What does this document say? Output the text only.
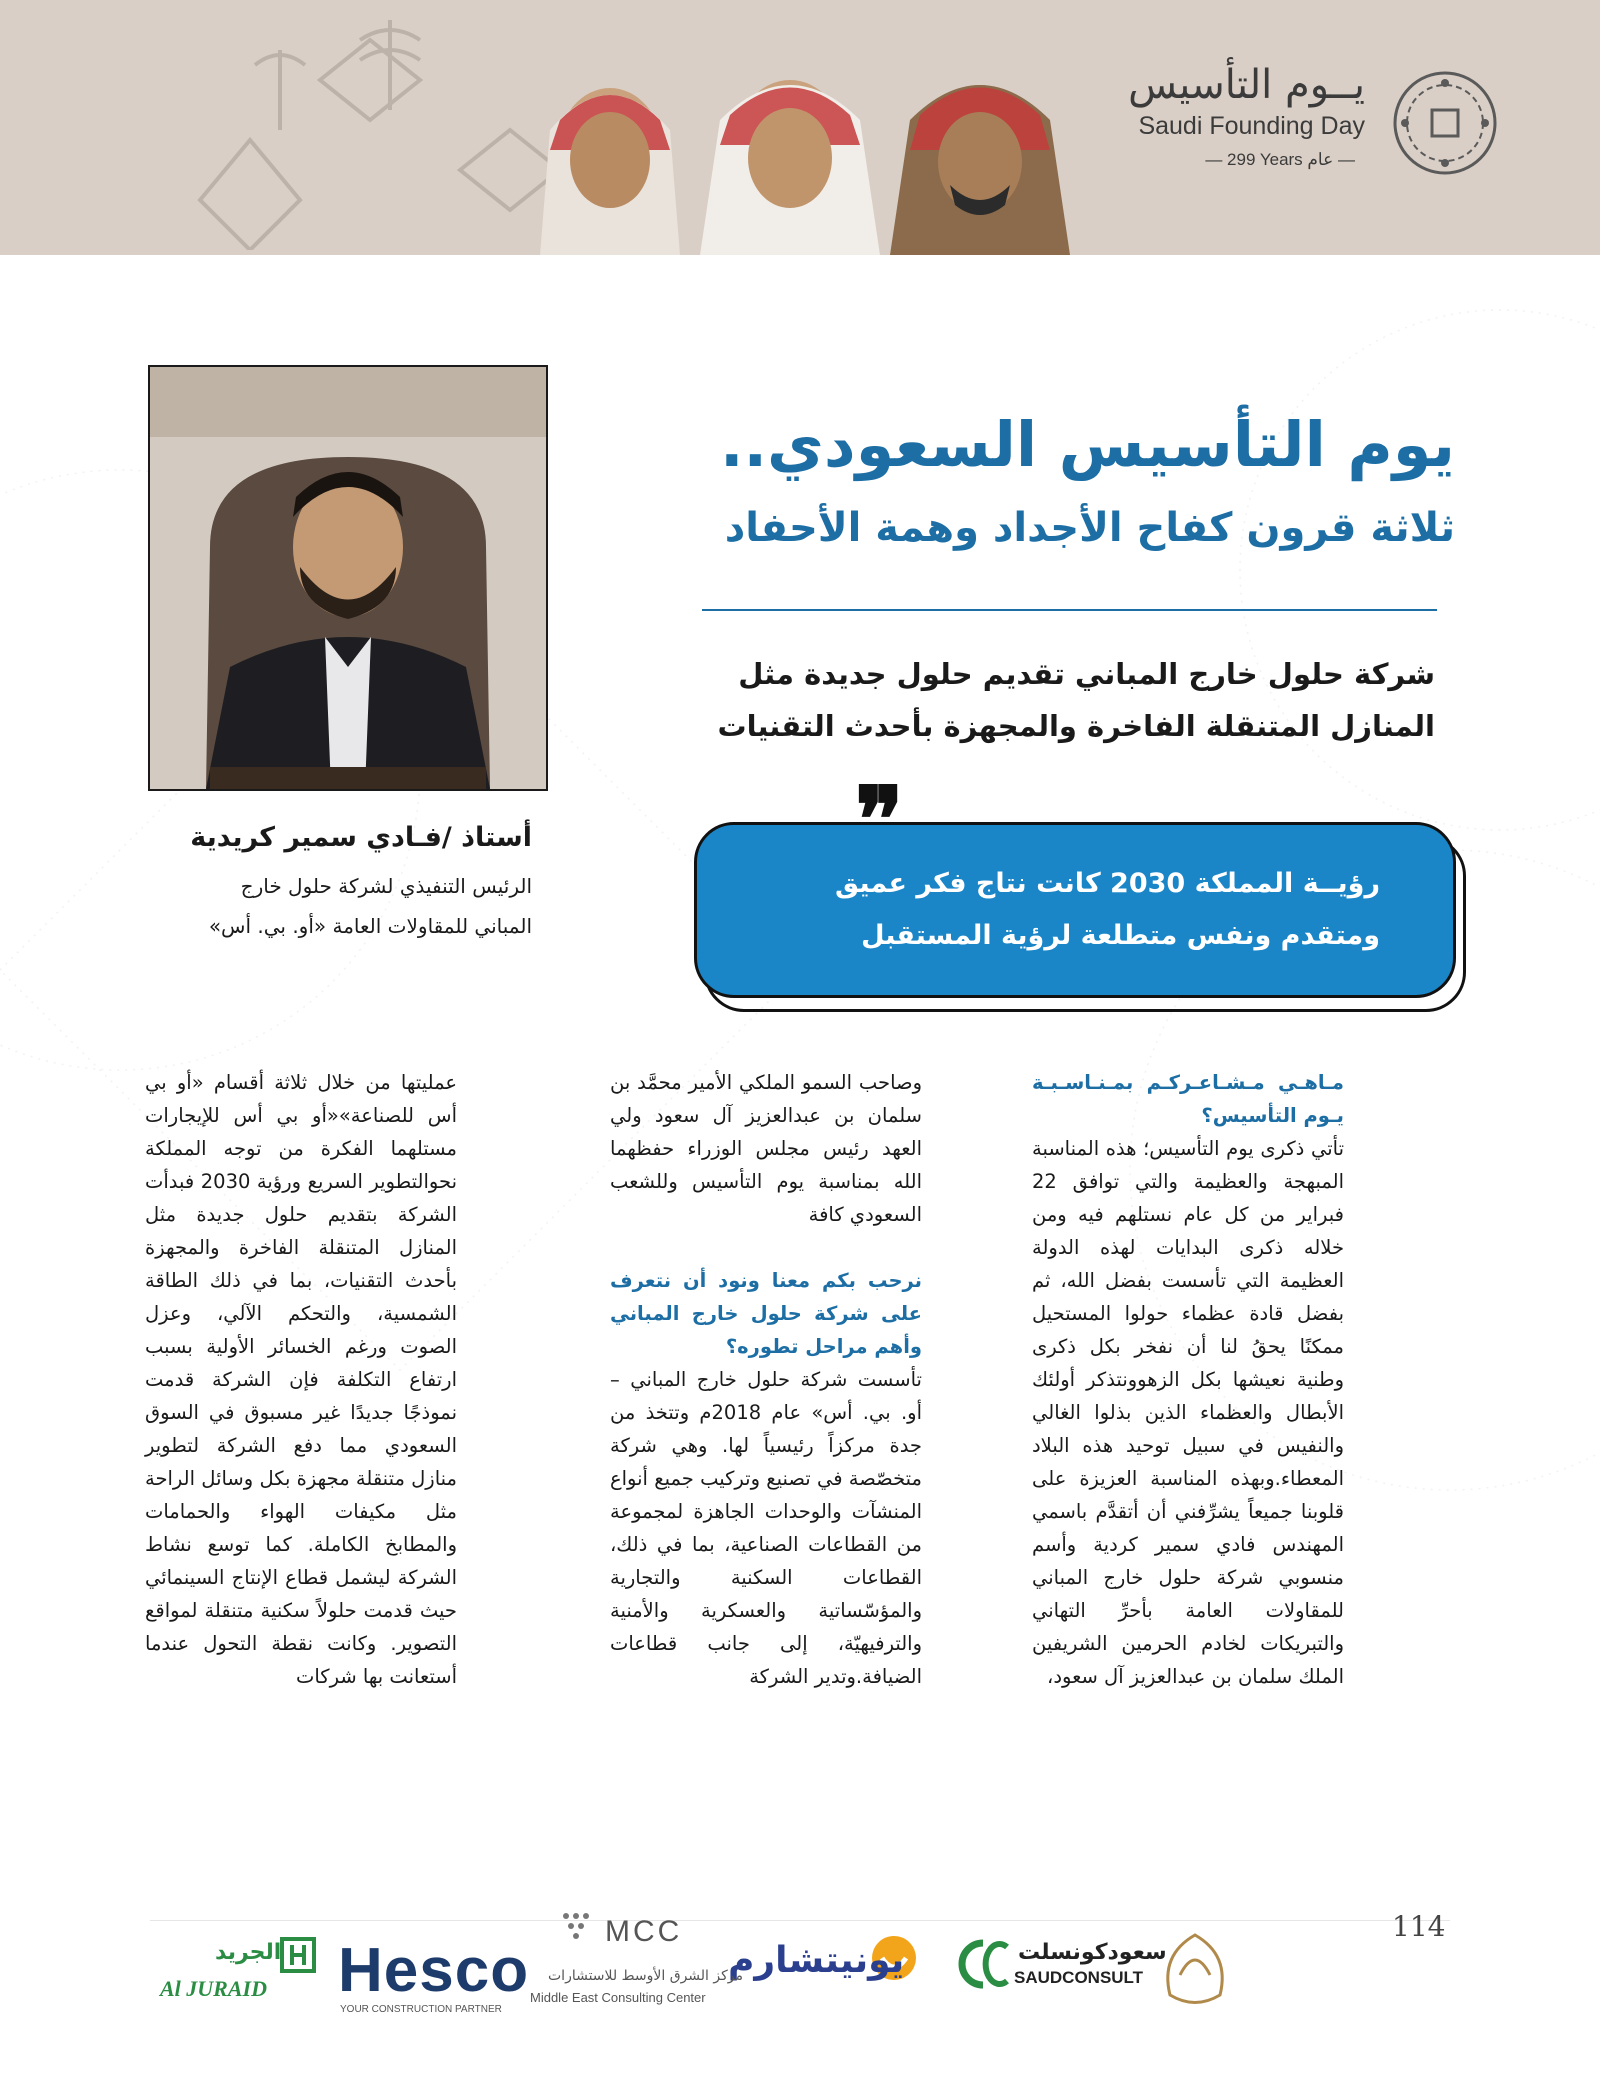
يــوم التأسيس
Saudi Founding Day
— 299 Years عام —
أستاذ /فـادي سمير كريدية
الرئيس التنفيذي لشركة حلول خارج
المباني للمقاولات العامة «أو. بي. أس»
يوم التأسيس السعودي..
ثلاثة قرون كفاح الأجداد وهمة الأحفاد
شركة حلول خارج المباني تقديم حلول جديدة مثل
المنازل المتنقلة الفاخرة والمجهزة بأحدث التقنيات
❞
رؤيــة المملكة 2030 كانت نتاج فكر عميق
ومتقدم ونفس متطلعة لرؤية المستقبل

مـاهـي مـشـاعـركـم بمـنـاسـبـة يـوم التأسيس؟

تأتي ذكرى يوم التأسيس؛ هذه المناسبة المبهجة والعظيمة والتي توافق 22 فبراير من كل عام نستلهم فيه ومن خلاله ذكرى البدايات لهذه الدولة العظيمة التي تأسست بفضل الله، ثم بفضل قادة عظماء حولوا المستحيل ممكنًا يحقُ لنا أن نفخر بكل ذكرى وطنية نعيشها بكل الزهوونتذكر أولئك الأبطال والعظماء الذين بذلوا الغالي والنفيس في سبيل توحيد هذه البلاد المعطاء.وبهذه المناسبة العزيزة على قلوبنا جميعاً يشرِّفني أن أتقدَّم باسمي المهندس فادي سمير كردية وأسم منسوبي شركة حلول خارج المباني للمقاولات العامة بأحرِّ التهاني والتبريكات لخادم الحرمين الشريفين الملك سلمان بن عبدالعزيز آل سعود،

وصاحب السمو الملكي الأمير محمَّد بن سلمان بن عبدالعزيز آل سعود ولي العهد رئيس مجلس الوزراء حفظهما الله بمناسبة يوم التأسيس وللشعب السعودي كافة

نرحب بكم معنا ونود أن نتعرف على شركة حلول خارج المباني وأهم مراحل تطوره؟

تأسست شركة حلول خارج المباني – أو. بي. أس» عام 2018م وتتخذ من جدة مركزاً رئيسياً لها. وهي شركة متخصّصة في تصنيع وتركيب جميع أنواع المنشآت والوحدات الجاهزة لمجموعة من القطاعات الصناعية، بما في ذلك، القطاعات السكنية والتجارية والمؤسّساتية والعسكرية والأمنية والترفيهيّة، إلى جانب قطاعات الضيافة.وتدير الشركة

عمليتها من خلال ثلاثة أقسام «أو بي أس للصناعة»«أو بي أس للإيجارات مستلهما الفكرة من توجه المملكة نحوالتطوير السريع ورؤية 2030 فبدأت الشركة بتقديم حلول جديدة مثل المنازل المتنقلة الفاخرة والمجهزة بأحدث التقنيات، بما في ذلك الطاقة الشمسية، والتحكم الآلي، وعزل الصوت ورغم الخسائر الأولية بسبب ارتفاع التكلفة فإن الشركة قدمت نموذجًا جديدًا غير مسبوق في السوق السعودي مما دفع الشركة لتطوير منازل متنقلة مجهزة بكل وسائل الراحة مثل مكيفات الهواء والحمامات والمطابخ الكاملة. كما توسع نشاط الشركة ليشمل قطاع الإنتاج السينمائي حيث قدمت حلولاً سكنية متنقلة لمواقع التصوير. وكانت نقطة التحول عندما أستعانت بها شركات

114
سعودكونسلت
SAUDCONSULT
يونيتشارم
MCC
مركز الشرق الأوسط للاستشارات
Middle East Consulting Center
Hesco
YOUR CONSTRUCTION PARTNER
الجريد
Al JURAID
